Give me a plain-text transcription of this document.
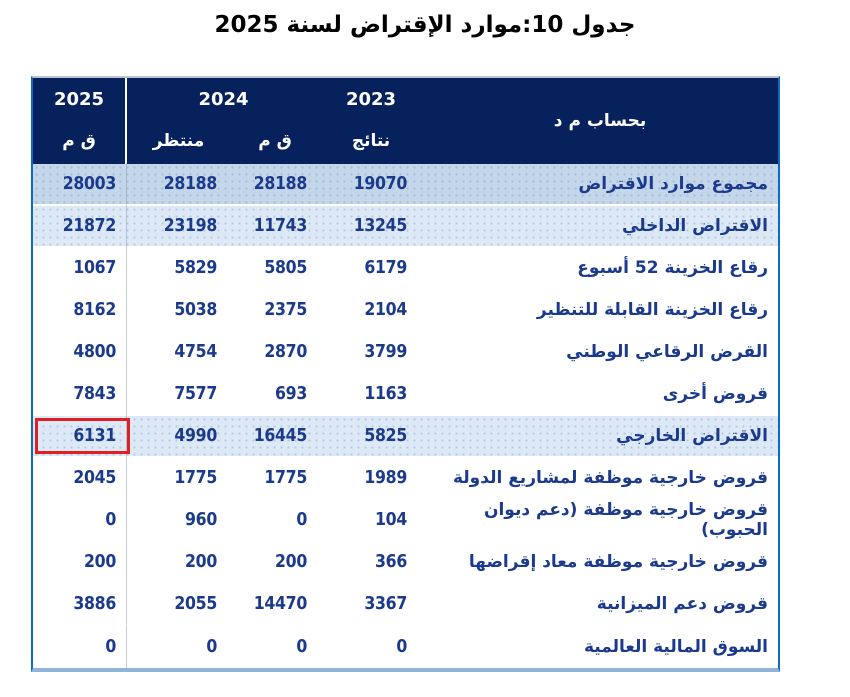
جدول 10:موارد الإقتراض لسنة 2025
2025
ق م
2024
منتظر	ق م
2023
نتائج
بحساب م د
28003	28188	28188	19070	مجموع موارد الاقتراض
21872	23198	11743	13245	الاقتراض الداخلي
1067	5829	5805	6179	رقاع الخزينة 52 أسبوع
8162	5038	2375	2104	رقاع الخزينة القابلة للتنظير
4800	4754	2870	3799	القرض الرقاعي الوطني
7843	7577	693	1163	قروض أخرى
6131	4990	16445	5825	الاقتراض الخارجي
2045	1775	1775	1989	قروض خارجية موظفة لمشاريع الدولة
0	960	0	104	قروض خارجية موظفة (دعم ديوان الحبوب)
200	200	200	366	قروض خارجية موظفة معاد إقراضها
3886	2055	14470	3367	قروض دعم الميزانية
0	0	0	0	السوق المالية العالمية
